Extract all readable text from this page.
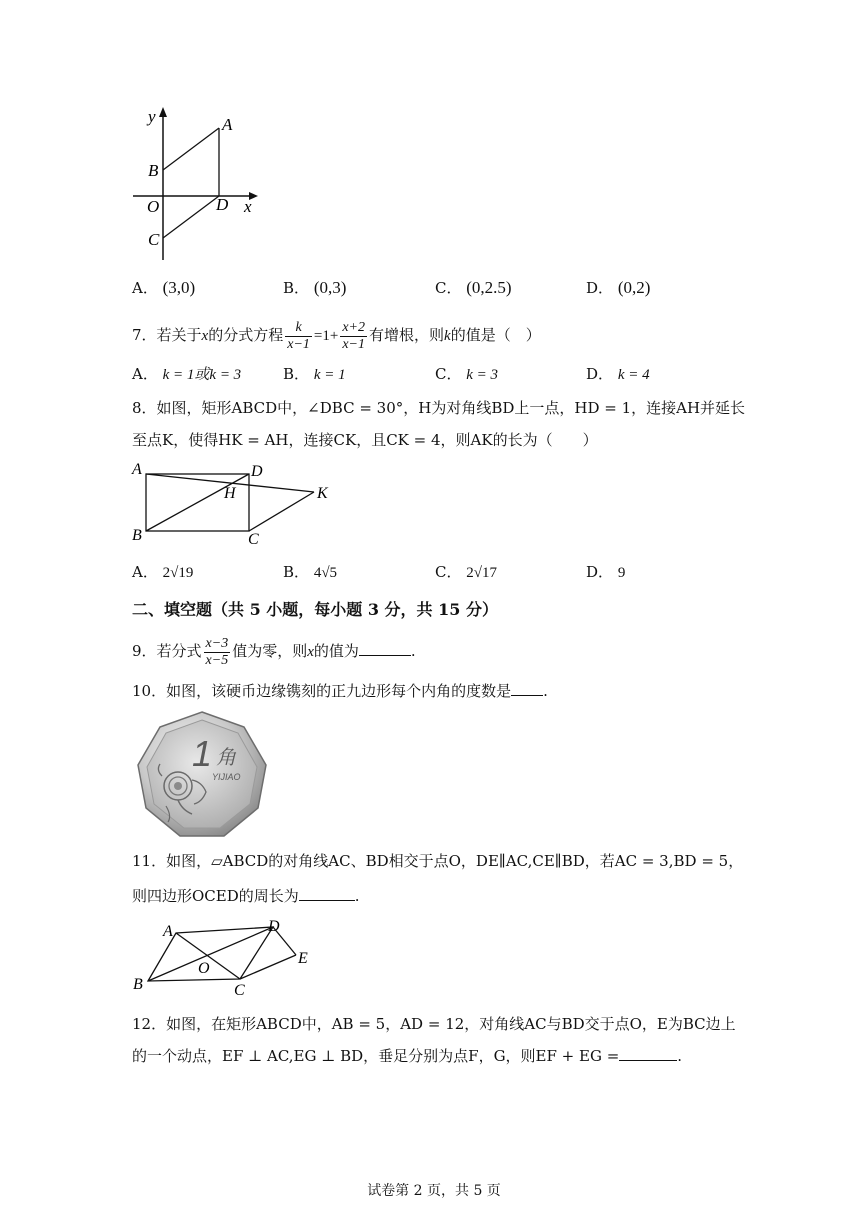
y	A
B
O	D x
C
A． (3,0)	B． (0,3)	C． (0,2.5)	D． (0,2)
7．若关于x的分式方程 $\frac{k}{x-1} =1+ \frac{x+2}{x-1}$ 有增根，则k的值是（　）
A． k = 1或k = 3	B． k = 1	C． k = 3	D． k = 4
8．如图，矩形ABCD中，∠DBC = 30°，H为对角线BD上一点，HD = 1，连接AH并延长
至点K，使得HK = AH，连接CK，且CK = 4，则AK的长为（　　）
A	D
H	K
B	C
A． 2√19	B． 4√5	C． 2√17	D． 9
二、填空题（共 5 小题，每小题 3 分，共 15 分）
9．若分式 $\frac{x-3}{x-5}$ 值为零，则x的值为	.
10．如图，该硬币边缘镌刻的正九边形每个内角的度数是 .
1 角
YIJIAO
11．如图，▱ABCD的对角线AC、BD相交于点O，DE∥AC,CE∥BD，若AC = 3,BD = 5，
则四边形OCED的周长为	.
A	D
O
E
B	C
12．如图，在矩形ABCD中，AB = 5，AD = 12，对角线AC与BD交于点O，E为BC边上
的一个动点，EF ⊥ AC,EG ⊥ BD，垂足分别为点F，G，则EF + EG =	.
试卷第 2 页，共 5 页
